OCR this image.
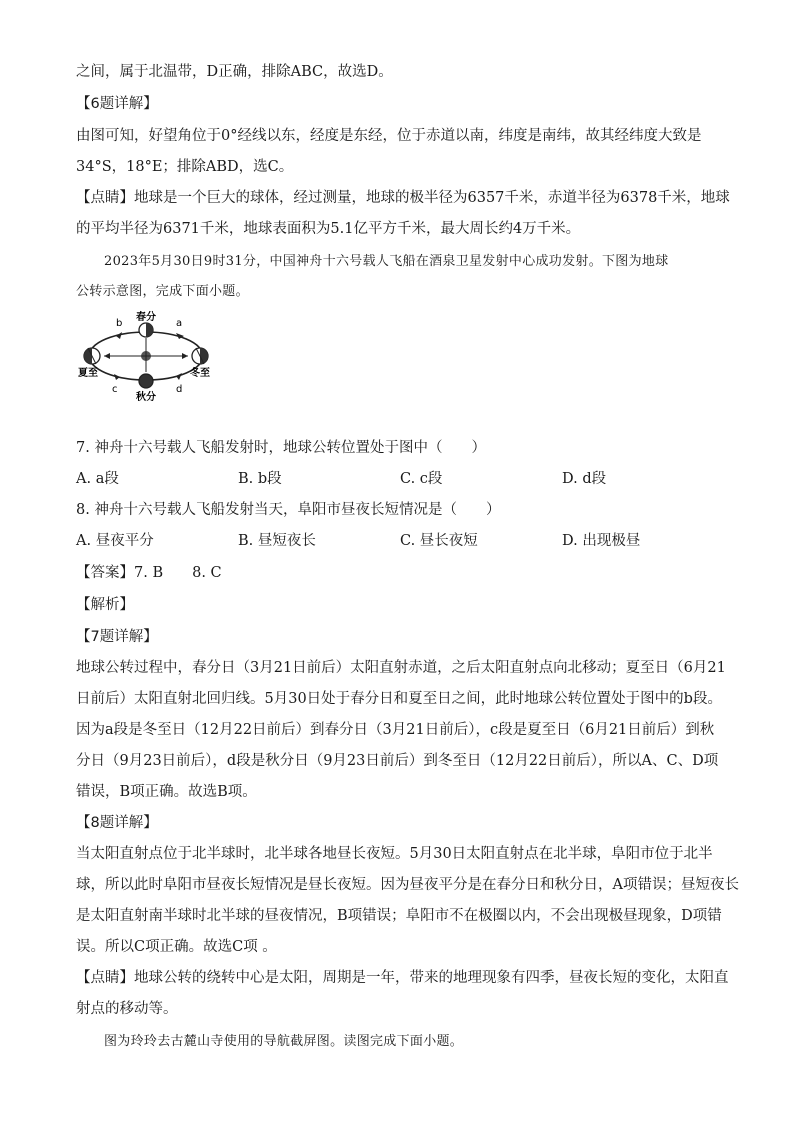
之间，属于北温带，D正确，排除ABC，故选D。
【6题详解】
由图可知，好望角位于0°经线以东，经度是东经，位于赤道以南，纬度是南纬，故其经纬度大致是
34°S，18°E；排除ABD，选C。
【点睛】地球是一个巨大的球体，经过测量，地球的极半径为6357千米，赤道半径为6378千米，地球
的平均半径为6371千米，地球表面积为5.1亿平方千米，最大周长约4万千米。
2023年5月30日9时31分，中国神舟十六号载人飞船在酒泉卫星发射中心成功发射。下图为地球
公转示意图，完成下面小题。
春分
夏至
秋分
冬至
a
b
c	d
7. 神舟十六号载人飞船发射时，地球公转位置处于图中（　　）
A. a段	B. b段	C. c段	D. d段
8. 神舟十六号载人飞船发射当天，阜阳市昼夜长短情况是（　　）
A. 昼夜平分	B. 昼短夜长	C. 昼长夜短	D. 出现极昼
【答案】7. B　　8. C
【解析】
【7题详解】
地球公转过程中，春分日（3月21日前后）太阳直射赤道，之后太阳直射点向北移动；夏至日（6月21
日前后）太阳直射北回归线。5月30日处于春分日和夏至日之间，此时地球公转位置处于图中的b段。
因为a段是冬至日（12月22日前后）到春分日（3月21日前后），c段是夏至日（6月21日前后）到秋
分日（9月23日前后），d段是秋分日（9月23日前后）到冬至日（12月22日前后），所以A、C、D项
错误，B项正确。故选B项。
【8题详解】
当太阳直射点位于北半球时，北半球各地昼长夜短。5月30日太阳直射点在北半球，阜阳市位于北半
球，所以此时阜阳市昼夜长短情况是昼长夜短。因为昼夜平分是在春分日和秋分日，A项错误；昼短夜长
是太阳直射南半球时北半球的昼夜情况，B项错误；阜阳市不在极圈以内，不会出现极昼现象，D项错
误。所以C项正确。故选C项 。
【点睛】地球公转的绕转中心是太阳，周期是一年，带来的地理现象有四季，昼夜长短的变化，太阳直
射点的移动等。
图为玲玲去古麓山寺使用的导航截屏图。读图完成下面小题。
